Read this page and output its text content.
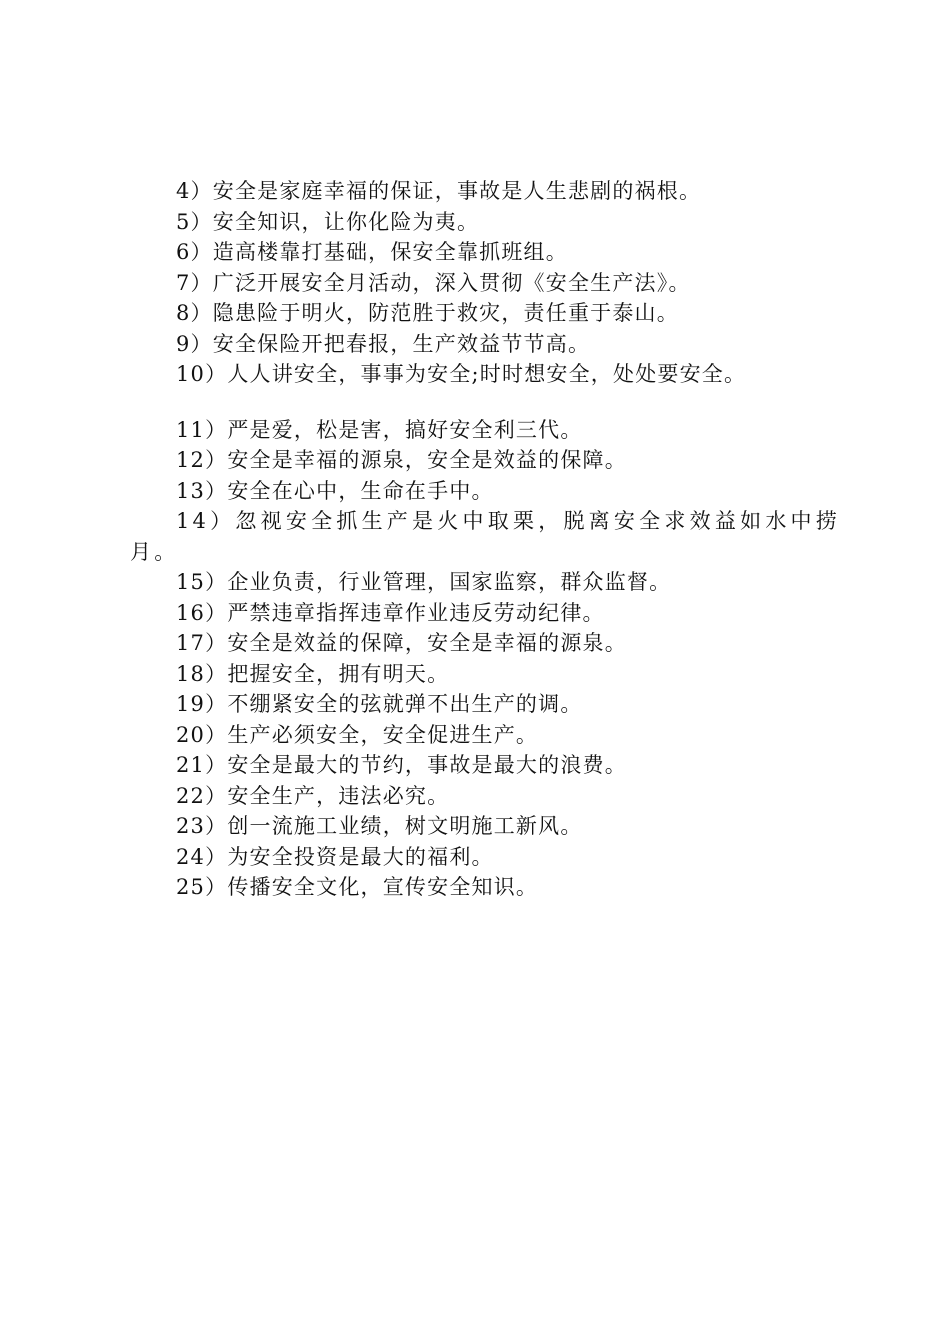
4）安全是家庭幸福的保证，事故是人生悲剧的祸根。
5）安全知识，让你化险为夷。
6）造高楼靠打基础，保安全靠抓班组。
7）广泛开展安全月活动，深入贯彻《安全生产法》。
8）隐患险于明火，防范胜于救灾，责任重于泰山。
9）安全保险开把春报，生产效益节节高。
10）人人讲安全，事事为安全;时时想安全，处处要安全。
11）严是爱，松是害，搞好安全利三代。
12）安全是幸福的源泉，安全是效益的保障。
13）安全在心中，生命在手中。
14）忽视安全抓生产是火中取栗，脱离安全求效益如水中捞月。
15）企业负责，行业管理，国家监察，群众监督。
16）严禁违章指挥违章作业违反劳动纪律。
17）安全是效益的保障，安全是幸福的源泉。
18）把握安全，拥有明天。
19）不绷紧安全的弦就弹不出生产的调。
20）生产必须安全，安全促进生产。
21）安全是最大的节约，事故是最大的浪费。
22）安全生产，违法必究。
23）创一流施工业绩，树文明施工新风。
24）为安全投资是最大的福利。
25）传播安全文化，宣传安全知识。
